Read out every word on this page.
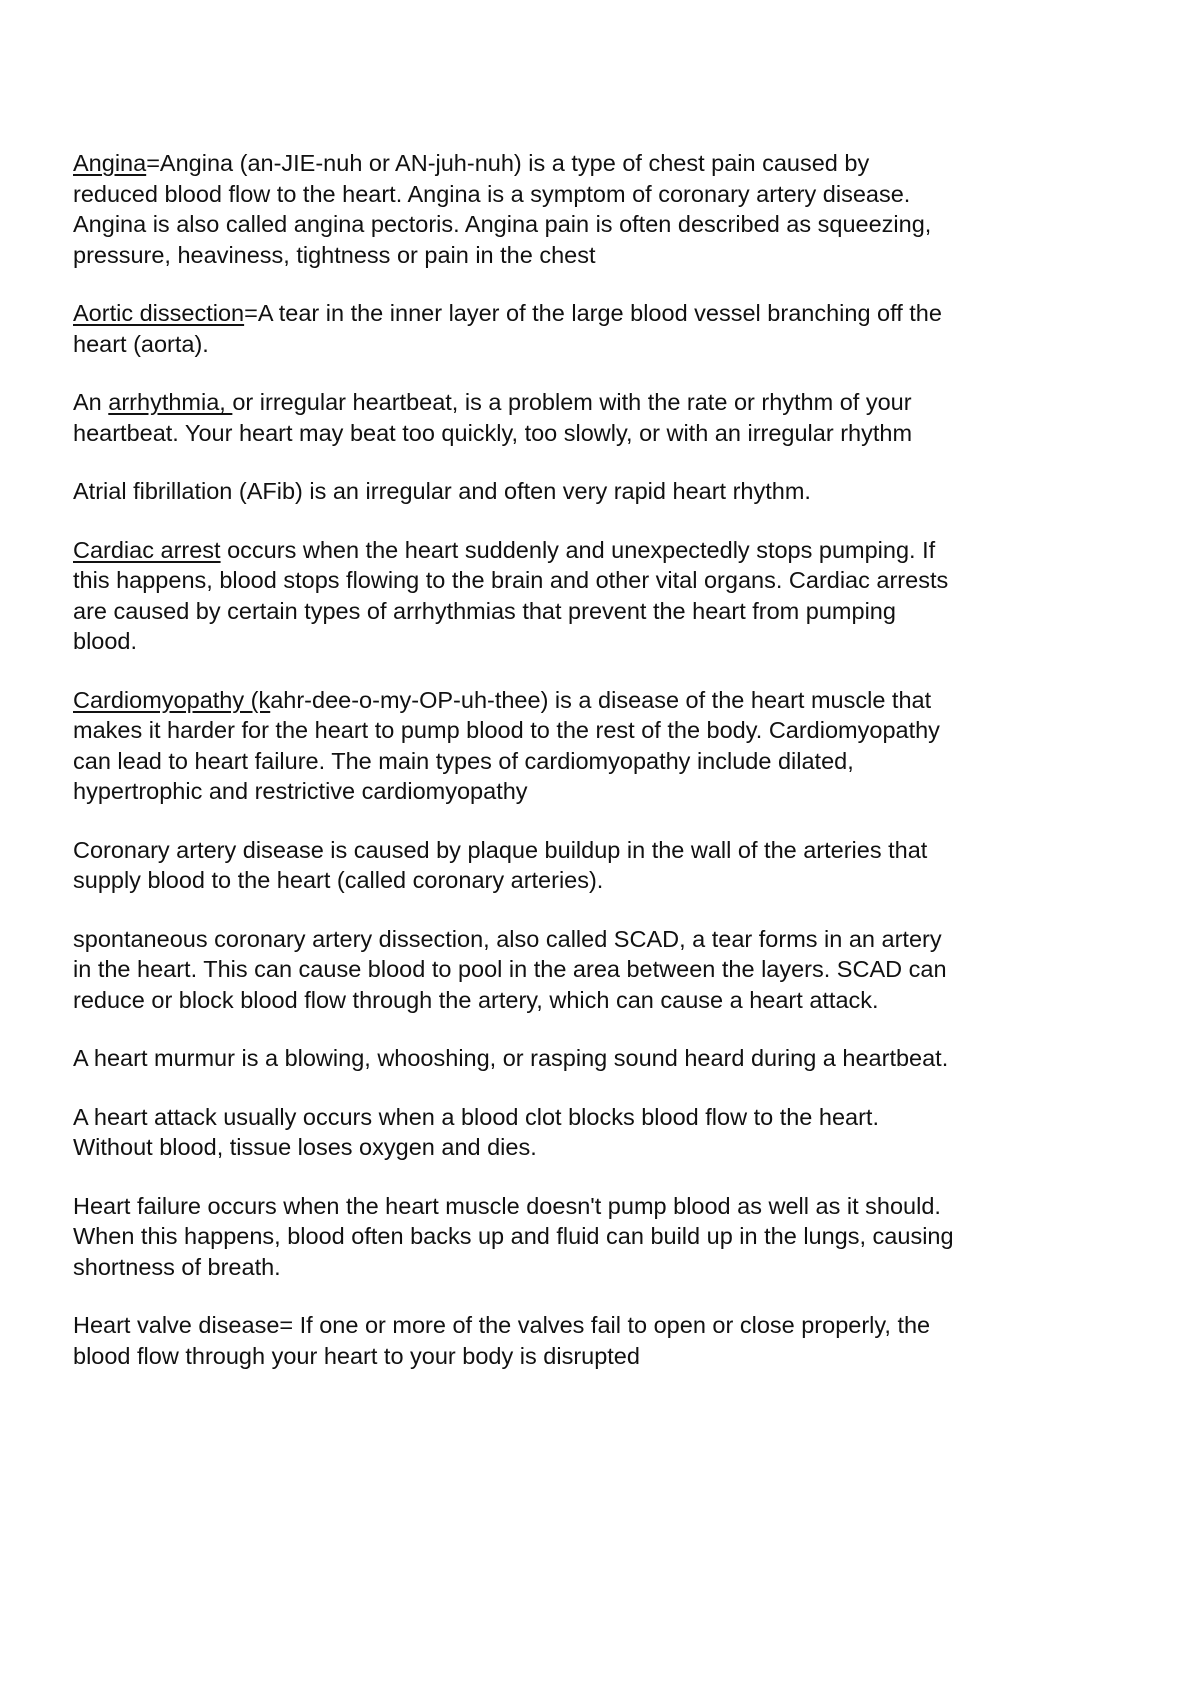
Angina=Angina (an-JIE-nuh or AN-juh-nuh) is a type of chest pain caused by
reduced blood flow to the heart. Angina is a symptom of coronary artery disease.
Angina is also called angina pectoris. Angina pain is often described as squeezing,
pressure, heaviness, tightness or pain in the chest

Aortic dissection=A tear in the inner layer of the large blood vessel branching off the
heart (aorta).

An arrhythmia, or irregular heartbeat, is a problem with the rate or rhythm of your
heartbeat. Your heart may beat too quickly, too slowly, or with an irregular rhythm

Atrial fibrillation (AFib) is an irregular and often very rapid heart rhythm.

Cardiac arrest occurs when the heart suddenly and unexpectedly stops pumping. If
this happens, blood stops flowing to the brain and other vital organs. Cardiac arrests
are caused by certain types of arrhythmias that prevent the heart from pumping
blood.

Cardiomyopathy (kahr-dee-o-my-OP-uh-thee) is a disease of the heart muscle that
makes it harder for the heart to pump blood to the rest of the body. Cardiomyopathy
can lead to heart failure. The main types of cardiomyopathy include dilated,
hypertrophic and restrictive cardiomyopathy

Coronary artery disease is caused by plaque buildup in the wall of the arteries that
supply blood to the heart (called coronary arteries).

spontaneous coronary artery dissection, also called SCAD, a tear forms in an artery
in the heart. This can cause blood to pool in the area between the layers. SCAD can
reduce or block blood flow through the artery, which can cause a heart attack.

A heart murmur is a blowing, whooshing, or rasping sound heard during a heartbeat.

A heart attack usually occurs when a blood clot blocks blood flow to the heart.
Without blood, tissue loses oxygen and dies.

Heart failure occurs when the heart muscle doesn't pump blood as well as it should.
When this happens, blood often backs up and fluid can build up in the lungs, causing
shortness of breath.

Heart valve disease= If one or more of the valves fail to open or close properly, the
blood flow through your heart to your body is disrupted
